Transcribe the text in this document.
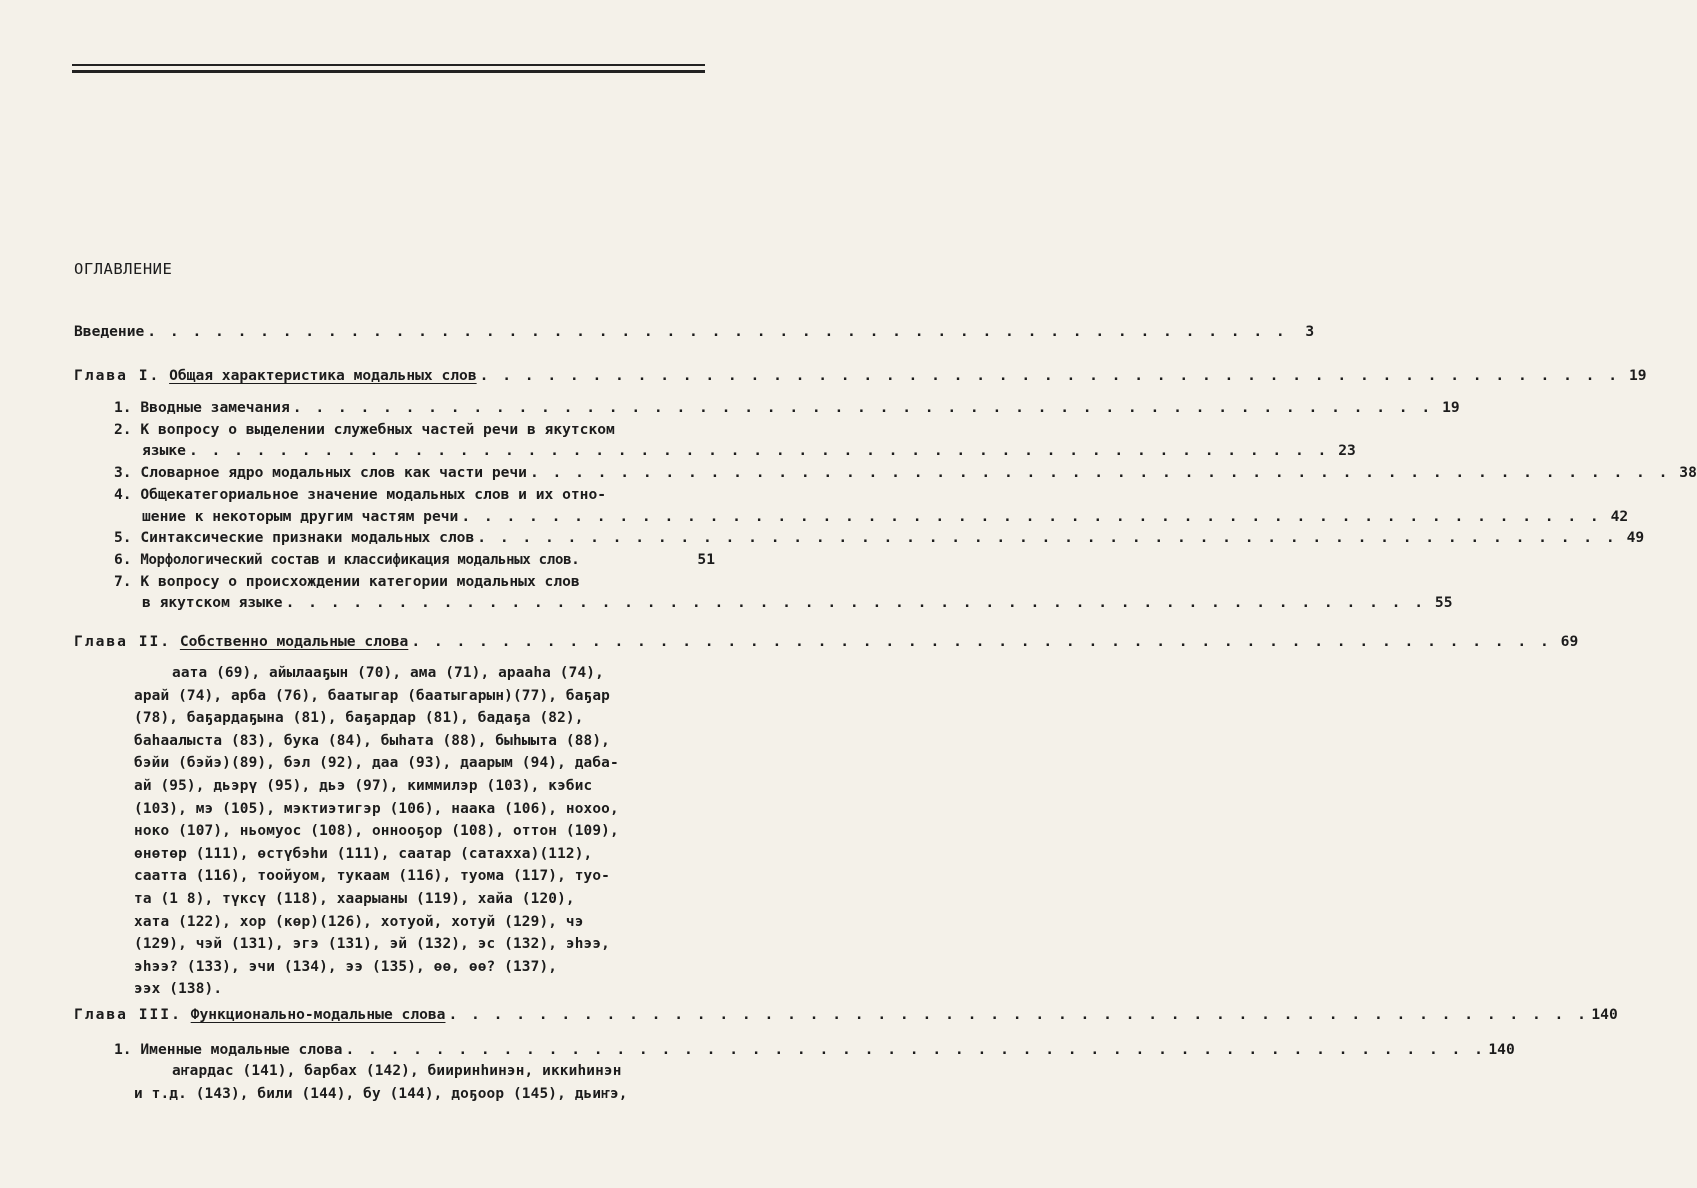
ОГЛАВЛЕНИЕ
Введение . . . . . . . . . . . . . . . . . . . . . . . . . . . . . . . . . . . . . . . . . . . . . . . . . . .	3
Глава I.
Общая характеристика модальных слов . . . . . . . . . . . . . . . . . . . . . . . . . . . . . . . . . . . . . . . . . . . . . . . . . . . 19
1.
Вводные замечания . . . . . . . . . . . . . . . . . . . . . . . . . . . . . . . . . . . . . . . . . . . . . . . . . . . 19
2.
К вопросу о выделении служебных частей речи в якутском
языке . . . . . . . . . . . . . . . . . . . . . . . . . . . . . . . . . . . . . . . . . . . . . . . . . . . 23
3.
Словарное ядро модальных слов как части речи . . . . . . . . . . . . . . . . . . . . . . . . . . . . . . . . . . . . . . . . . . . . . . . . . . . 38
4.
Общекатегориальное значение модальных слов и их отно-
шение к некоторым другим частям речи . . . . . . . . . . . . . . . . . . . . . . . . . . . . . . . . . . . . . . . . . . . . . . . . . . . 42
5.
Синтаксические признаки модальных слов . . . . . . . . . . . . . . . . . . . . . . . . . . . . . . . . . . . . . . . . . . . . . . . . . . . 49
6.
Морфологический состав и классификация модальных слов.	51
7.
К вопросу о происхождении категории модальных слов
в якутском языке . . . . . . . . . . . . . . . . . . . . . . . . . . . . . . . . . . . . . . . . . . . . . . . . . . . 55
Глава II.
Собственно модальные слова . . . . . . . . . . . . . . . . . . . . . . . . . . . . . . . . . . . . . . . . . . . . . . . . . . . 69
аата (69), айылааҕын (70), ама (71), арааhа (74),
арай (74), арба (76), баатыгар (баатыгарын)(77), баҕар
(78), баҕардaҕына (81), баҕардар (81), бадаҕа (82),
баhаалыста (83), бука (84), быhата (88), быhыыта (88),
бэйи (бэйэ)(89), бэл (92), даа (93), даарым (94), даба-
ай (95), дьэрү (95), дьэ (97), киммилэр (103), кэбис
(103), мэ (105), мэктиэтигэр (106), наака (106), нохоо,
ноко (107), ньомуос (108), оннооҕор (108), оттон (109),
өнөтөр (111), өстүбэhи (111), саатар (сатахха)(112),
саатта (116), тоойуом, тукаам (116), туома (117), туо-
та (1 8), түксү (118), хаарыаны (119), хайа (120),
хата (122), хор (көр)(126), хотуой, хотуй (129), чэ
(129), чэй (131), эгэ (131), эй (132), эс (132), эhээ,
эhээ? (133), эчи (134), ээ (135), өө, өө? (137),
ээх (138).
Глава III.
Функционально-модальные слова . . . . . . . . . . . . . . . . . . . . . . . . . . . . . . . . . . . . . . . . . . . . . . . . . . . 140
1.
Именные модальные слова . . . . . . . . . . . . . . . . . . . . . . . . . . . . . . . . . . . . . . . . . . . . . . . . . . . 140
аҥардас (141), барбах (142), бииринhинэн, иккиhинэн
и т.д. (143), били (144), бу (144), доҕоор (145), дьиҥэ,
